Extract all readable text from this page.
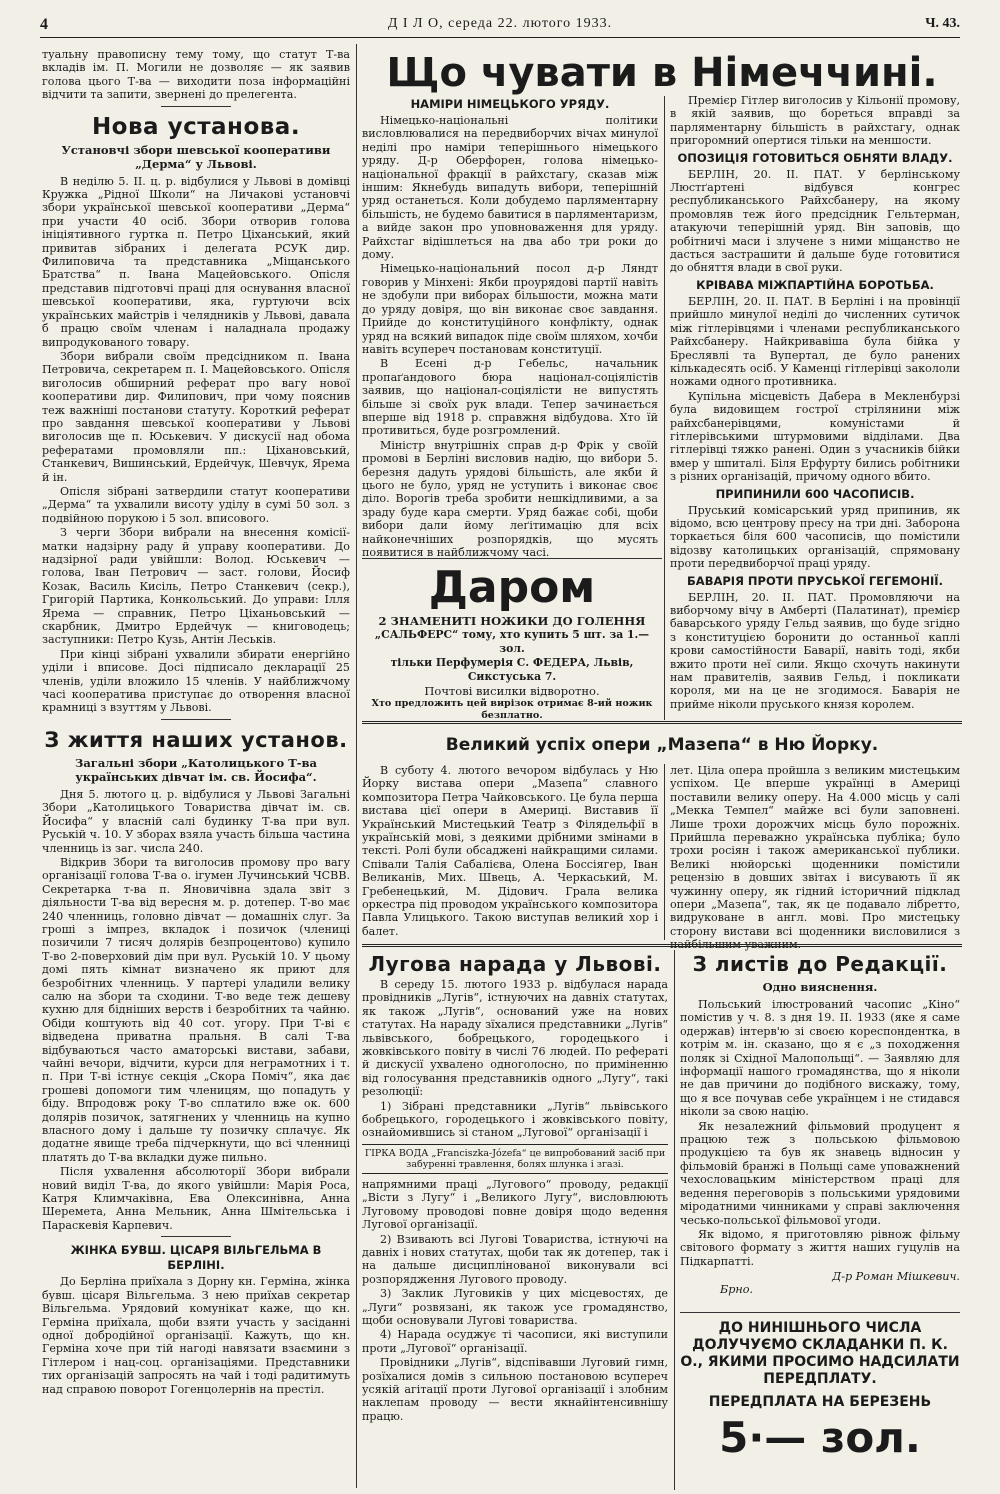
4	Д І Л О, середа 22. лютого 1933.	Ч. 43.

туальну правописну тему тому, що статут Т-ва вкладів ім. П. Могили не дозволяє — як заявив голова цього Т-ва — виходити поза інформаційні відчити та запити, звернені до прелегента.

Нова установа.
Установчі збори шевської кооперативи „Дерма“ у Львові.

В неділю 5. II. ц. р. відбулися у Львові в домівці Кружка „Рідної Школи“ на Личакові установчі збори української шевської кооперативи „Дерма“ при участи 40 осіб. Збори отворив голова ініціятивного гуртка п. Петро Ціханський, який привитав зібраних і делегата РСУК дир. Филиповича та представника „Міщанського Братства“ п. Івана Мацейовського. Опісля представив підготовчі праці для оснування власної шевської кооперативи, яка, гуртуючи всіх українських майстрів і челядників у Львові, давала б працю своїм членам і наладнала продажу випродукованого товару.

Збори вибрали своїм предсідником п. Івана Петровича, секретарем п. І. Мацейовського. Опісля виголосив обширний реферат про вагу нової кооперативи дир. Филипович, при чому пояснив теж важніші постанови статуту. Короткий реферат про завдання шевської кооперативи у Львові виголосив ще п. Юськевич. У дискусії над обома рефератами промовляли пп.: Ціхановський, Станкевич, Вишинський, Ердейчук, Шевчук, Ярема й ін.

Опісля зібрані затвердили статут кооперативи „Дерма“ та ухвалили висоту уділу в сумі 50 зол. з подвійною порукою і 5 зол. вписового.

З черги Збори вибрали на внесення комісії-матки надзірну раду й управу кооперативи. До надзірної ради увійшли: Волод. Юськевич — голова, Іван Петрович — заст. голови, Йосиф Козак, Василь Кисіль, Петро Станкевич (секр.), Григорій Партика, Конкольський. До управи: Ілля Ярема — справник, Петро Ціханьовський — скарбник, Дмитро Ердейчук — книговодець; заступники: Петро Кузь, Антін Леськів.

При кінці зібрані ухвалили збирати енергійно уділи і вписове. Досі підписало декларації 25 членів, уділи вложило 15 членів. У найближчому часі кооператива приступає до отворення власної крамниці з взуттям у Львові.

З життя наших установ.
Загальні збори „Католицького Т-ва українських дівчат ім. св. Йосифа“.

Дня 5. лютого ц. р. відбулися у Львові Загальні Збори „Католицького Товариства дівчат ім. св. Йосифа“ у власній салі будинку Т-ва при вул. Руській ч. 10. У зборах взяла участь більша частина членниць із заг. числа 240.

Відкрив Збори та виголосив промову про вагу організації голова Т-ва о. ігумен Лучинський ЧСВВ. Секретарка т-ва п. Яновичівна здала звіт з діяльности Т-ва від вересня м. р. дотепер. Т-во має 240 членниць, головно дівчат — домашніх слуг. За гроші з імпрез, вкладок і позичок (члениці позичили 7 тисяч долярів безпроцентово) купило Т-во 2-поверховий дім при вул. Руській 10. У цьому домі пять кімнат визначено як приют для безробітних членниць. У партері уладили велику салю на збори та сходини. Т-во веде теж дешеву кухню для бідніших верств і безробітних та чайню. Обіди коштують від 40 сот. угору. При Т-ві є відведена приватна пральня. В салі Т-ва відбуваються часто аматорські вистави, забави, чайні вечори, відчити, курси для неграмотних і т. п. При Т-ві істнує секція „Скора Поміч“, яка дає грошеві допомоги тим членицям, що попадуть у біду. Впродовж року Т-во сплатило вже ок. 600 долярів позичок, затягнених у членниць на купно власного дому і дальше ту позичку сплачує. Як додатне явище треба підчеркнути, що всі членниці платять до Т-ва вкладки дуже пильно.

Після ухвалення абсолюторії Збори вибрали новий виділ Т-ва, до якого увійшли: Марія Роса, Катря Климчаківна, Ева Олексинівна, Анна Шереметa, Анна Мельник, Анна Шмітельська і Параскевія Карпевич.

ЖІНКА БУВШ. ЦІСАРЯ ВІЛЬГЕЛЬМА В БЕРЛІНІ.

До Берліна приїхала з Дорну кн. Герміна, жінка бувш. цісаря Вільгельма. З нею приїхав секретар Вільгельма. Урядовий комунікат каже, що кн. Герміна приїхала, щоби взяти участь у засіданні одної добродійної організації. Кажуть, що кн. Герміна хоче при тій нагоді навязати взаємини з Гітлером і нац-соц. організаціями. Представники тих організацій запросять на чай і тоді радитимуть над справою поворот Гогенцолернів на престіл.

Що чувати в Німеччині.
НАМІРИ НІМЕЦЬКОГО УРЯДУ.

Німецько-національні політики висловлювалися на передвиборчих вічах минулої неділі про наміри теперішнього німецького уряду. Д-р Оберфорен, голова німецько-національної фракції в райхстагу, сказав між іншим: Якнебудь випадуть вибори, теперішній уряд останеться. Коли добудемо парляментарну більшість, не будемо бавитися в парляментаризм, а вийде закон про уповноваження для уряду. Райхстаг відішлеться на два або три роки до дому.

Німецько-національний посол д-р Ляндт говорив у Мінхені: Якби проурядові партії навіть не здобули при виборах більшости, можна мати до уряду довіря, що він виконає своє завдання. Прийде до конституційного конфлікту, однак уряд на всякий випадок піде своїм шляхом, хочби навіть всупереч постановам конституції.

В Есені д-р Гебельс, начальник пропаґандового бюра націонал-соціялістів заявив, що націонал-соціялісти не випустять більше зі своїх рук влади. Тепер зачинається вперше від 1918 р. справжня відбудова. Хто їй противиться, буде розгромлений.

Міністр внутрішніх справ д-р Фрік у своїй промові в Берліні висловив надію, що вибори 5. березня дадуть урядові більшість, але якби й цього не було, уряд не уступить і виконає своє діло. Ворогів треба зробити нешкідливими, а за зраду буде кара смерти. Уряд бажає собі, щоби вибори дали йому леґітимацію для всіх найконечніших розпорядків, що мусять появитися в найближчому часі.

Премієр Гітлер виголосив у Кільонії промову, в якій заявив, що бореться вправді за парляментарну більшість в райхстагу, однак пригоромний опертися тільки на меншости.

ОПОЗИЦІЯ ГОТОВИТЬСЯ ОБНЯТИ ВЛАДУ.

БЕРЛІН, 20. II. ПАТ. У берлінському Люстґартені відбувся конгрес республиканського Райхсбанеру, на якому промовляв теж його предсідник Гельтерман, атакуючи теперішній уряд. Він заповів, що робітничі маси і злучене з ними міщанство не дасться застрашити й дальше буде готовитися до обняття влади в свої руки.

КРІВАВА МІЖПАРТІЙНА БОРОТЬБА.

БЕРЛІН, 20. II. ПАТ. В Берліні і на провінції прийшло минулої неділі до численних сутичок між гітлерівцями і членами республиканського Райхсбанеру. Найкривавіша була бійка у Бреслявлі та Вупертал, де було ранених кількадесять осіб. У Каменці гітлерівці закололи ножами одного противника.

Купільна місцевість Дабера в Мекленбурзі була видовищем гострої стрілянини між райхсбанерівцями, комуністами й гітлерівськими штурмовими відділами. Два гітлерівці тяжко ранені. Один з учасників бійки вмер у шпиталі. Біля Ерфурту бились робітники з різних організацій, причому одного вбито.

ПРИПИНИЛИ 600 ЧАСОПИСІВ.

Пруський комісарський уряд припинив, як відомо, всю центрову пресу на три дні. Заборона торкається біля 600 часописів, що помістили відозву католицьких організацій, спрямовану проти передвиборчої праці уряду.

БАВАРІЯ ПРОТИ ПРУСЬКОЇ ГЕГЕМОНІЇ.

БЕРЛІН, 20. II. ПАТ. Промовляючи на виборчому вічу в Амберті (Палатинат), премієр баварського уряду Гельд заявив, що буде згідно з конституцією боронити до останньої каплі крови самостійности Баварії, навіть тоді, якби вжито проти неї сили. Якщо схочуть накинути нам правителів, заявив Гельд, і покликати короля, ми на це не згодимося. Баварія не прийме ніколи пруського князя королем.

Даром
2 ЗНАМЕНИТІ НОЖИКИ ДО ГОЛЕННЯ
„САЛЬФЕРС“ тому, хто купить 5 шт. за 1.— зол.
тільки Перфумерія С. ФЕДЕРА, Львів, Сикстуська 7.
Почтові висилки відворотно.
Хто предложить цей вирізок отримає 8-ий ножик безплатно.
Великий успіх опери „Мазепа“ в Ню Йорку.

В суботу 4. лютого вечором відбулась у Ню Йорку вистава опери „Мазепа“ славного композитора Петра Чайковського. Це була перша вистава цієї опери в Америці. Виставив її Український Мистецький Театр з Філядельфії в українській мові, з деякими дрібними змінами в тексті. Ролі були обсаджені найкращими силами. Співали Талія Сабалієва, Олена Боссіягер, Іван Великанів, Мих. Швець, А. Черкаський, М. Гребенецький, М. Дідович. Грала велика оркестра під проводом українського композитора Павла Улицького. Такою виступав великий хор і балет.

лет. Ціла опера пройшла з великим мистецьким успіхом. Це вперше українці в Америці поставили велику оперу. На 4.000 місць у салі „Мекка Темпел“ майже всі були заповнені. Лише трохи дорожчих місць було порожніх. Прийшла переважно українська публіка; було трохи росіян і також американської публики. Великі нюйорські щоденники помістили рецензію в довших звітах і висувають її як чужинну оперу, як гідний історичний підклад опери „Мазепа“, так, як це подавало лібретто, видруковане в англ. мові. Про мистецьку сторону вистави всі щоденники висловилися з найбільшим уважним.

Лугова нарада у Львові.

В середу 15. лютого 1933 р. відбулася нарада провідників „Лугів“, істнуючих на давніх статутах, як також „Лугів“, оснований уже на нових статутах. На нараду зїхалися представники „Лугів“ львівського, бобрецького, городецького і жовківського повіту в числі 76 людей. По рефераті й дискусії ухвалено одноголосно, по приміненню від голосування представників одного „Лугу“, такі резолюції:

1) Зібрані представники „Лугів“ львівського бобрецького, городецького і жовківського повіту, ознайомившись зі станом „Лугової“ організації і

ГІРКА ВОДА „Franciszka-Józefa“ це випробований засіб при забуренні травлення, болях шлунка і згазі.

напрямними праці „Лугового“ проводу, редакції „Вісти з Лугу“ і „Великого Лугу“, висловлюють Луговому проводові повне довіря щодо ведення Лугової організації.

2) Взивають всі Лугові Товариства, істнуючі на давніх і нових статутах, щоби так як дотепер, так і на дальше дисциплінованої виконували всі розпорядження Лугового проводу.

3) Заклик Луговиків у цих місцевостях, де „Луги“ розвязані, як також усе громадянство, щоби основували Лугові товариства.

4) Нарада осуджує ті часописи, які виступили проти „Лугової“ організації.

Провідники „Лугів“, відспівавши Луговий гимн, розїхалися домів з сильною постановою всупереч усякій агітації проти Лугової організації і злобним наклепам проводу — вести якнайінтенсивнішу працю.

З листів до Редакції.
Одно вияснення.

Польський ілюстрований часопис „Кіно“ помістив у ч. 8. з дня 19. II. 1933 (яке я саме одержав) інтерв'ю зі своєю кореспондентка, в котрім м. ін. сказано, що я є „з походження поляк зі Східної Малопольщі“. — Заявляю для інформації нашого громадянства, що я ніколи не дав причини до подібного вискажу, тому, що я все почував себе українцем і не стидався ніколи за свою націю.

Як незалежний фільмовий продуцент я працюю теж з польською фільмовою продукцією та був як знавець відносин у фільмовій бранжі в Польщі саме уповажнений чехословацьким міністерством праці для ведення переговорів з польськими урядовими мірoдатними чинниками у справі заключення чесько-польської фільмової угоди.

Як відомо, я приготовляю рівнож фільму світового формату з життя наших гуцулів на Підкарпатті.

Д-р Роман Мішкевич.
Брно.
ДО НИНІШНЬОГО ЧИСЛА ДОЛУЧУЄМО СКЛАДАНКИ П. К. О., ЯКИМИ ПРОСИМО НАДСИЛАТИ ПЕРЕДПЛАТУ.
ПЕРЕДПЛАТА НА БЕРЕЗЕНЬ
5·— зол.
